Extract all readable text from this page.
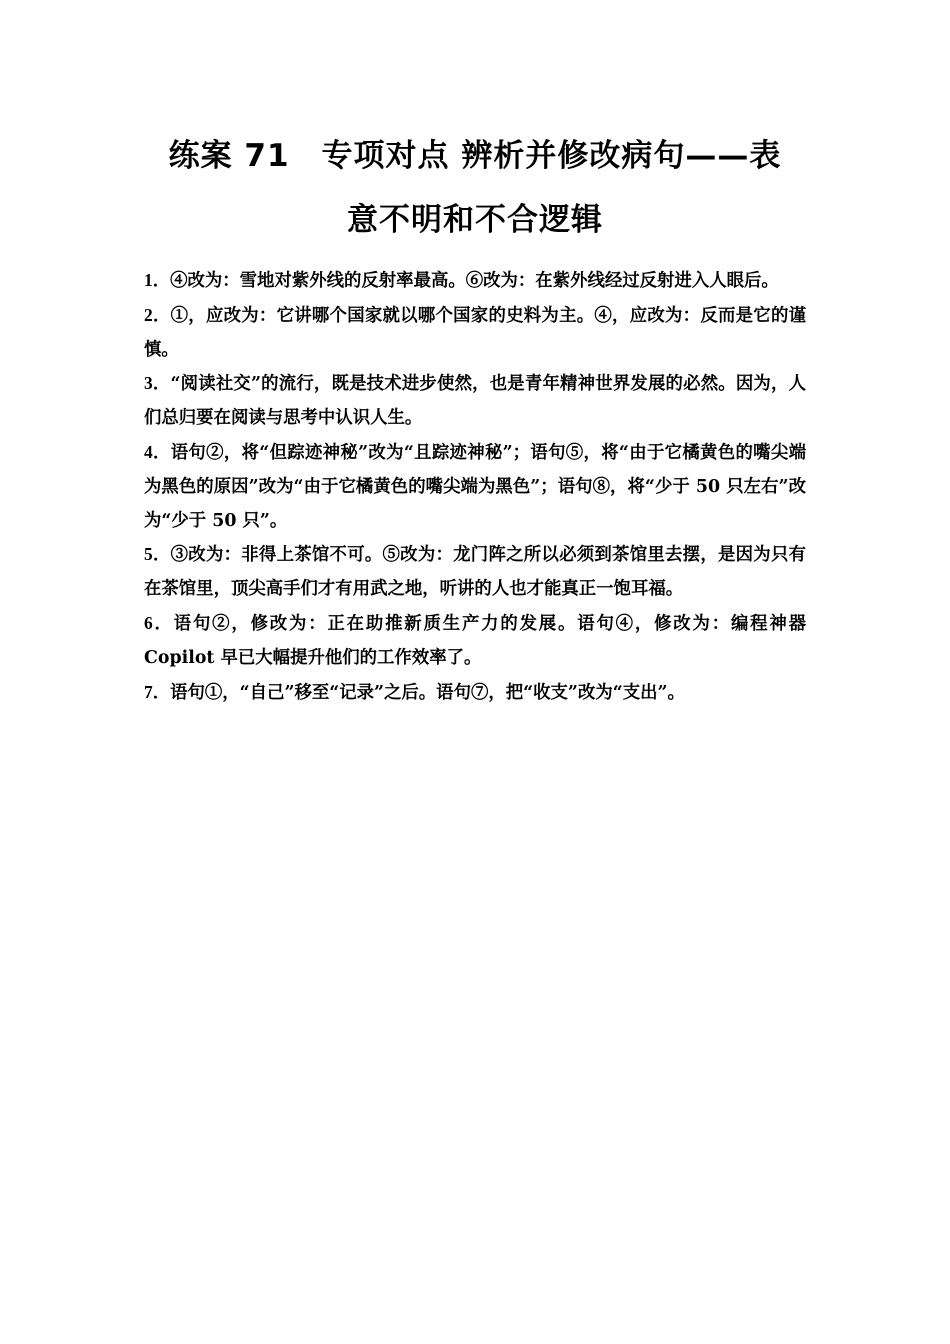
练案 71　专项对点 辨析并修改病句——表
意不明和不合逻辑
1．④改为：雪地对紫外线的反射率最高。⑥改为：在紫外线经过反射进入人眼后。
2．①，应改为：它讲哪个国家就以哪个国家的史料为主。④，应改为：反而是它的谨慎。
3．“阅读社交”的流行，既是技术进步使然，也是青年精神世界发展的必然。因为，人们总归要在阅读与思考中认识人生。
4．语句②，将“但踪迹神秘”改为“且踪迹神秘”；语句⑤，将“由于它橘黄色的嘴尖端为黑色的原因”改为“由于它橘黄色的嘴尖端为黑色”；语句⑧，将“少于 50 只左右”改为“少于 50 只”。
5．③改为：非得上茶馆不可。⑤改为：龙门阵之所以必须到茶馆里去摆，是因为只有在茶馆里，顶尖高手们才有用武之地，听讲的人也才能真正一饱耳福。
6．语句②，修改为：正在助推新质生产力的发展。语句④，修改为：编程神器 Copilot 早已大幅提升他们的工作效率了。
7．语句①，“自己”移至“记录”之后。语句⑦，把“收支”改为“支出”。
